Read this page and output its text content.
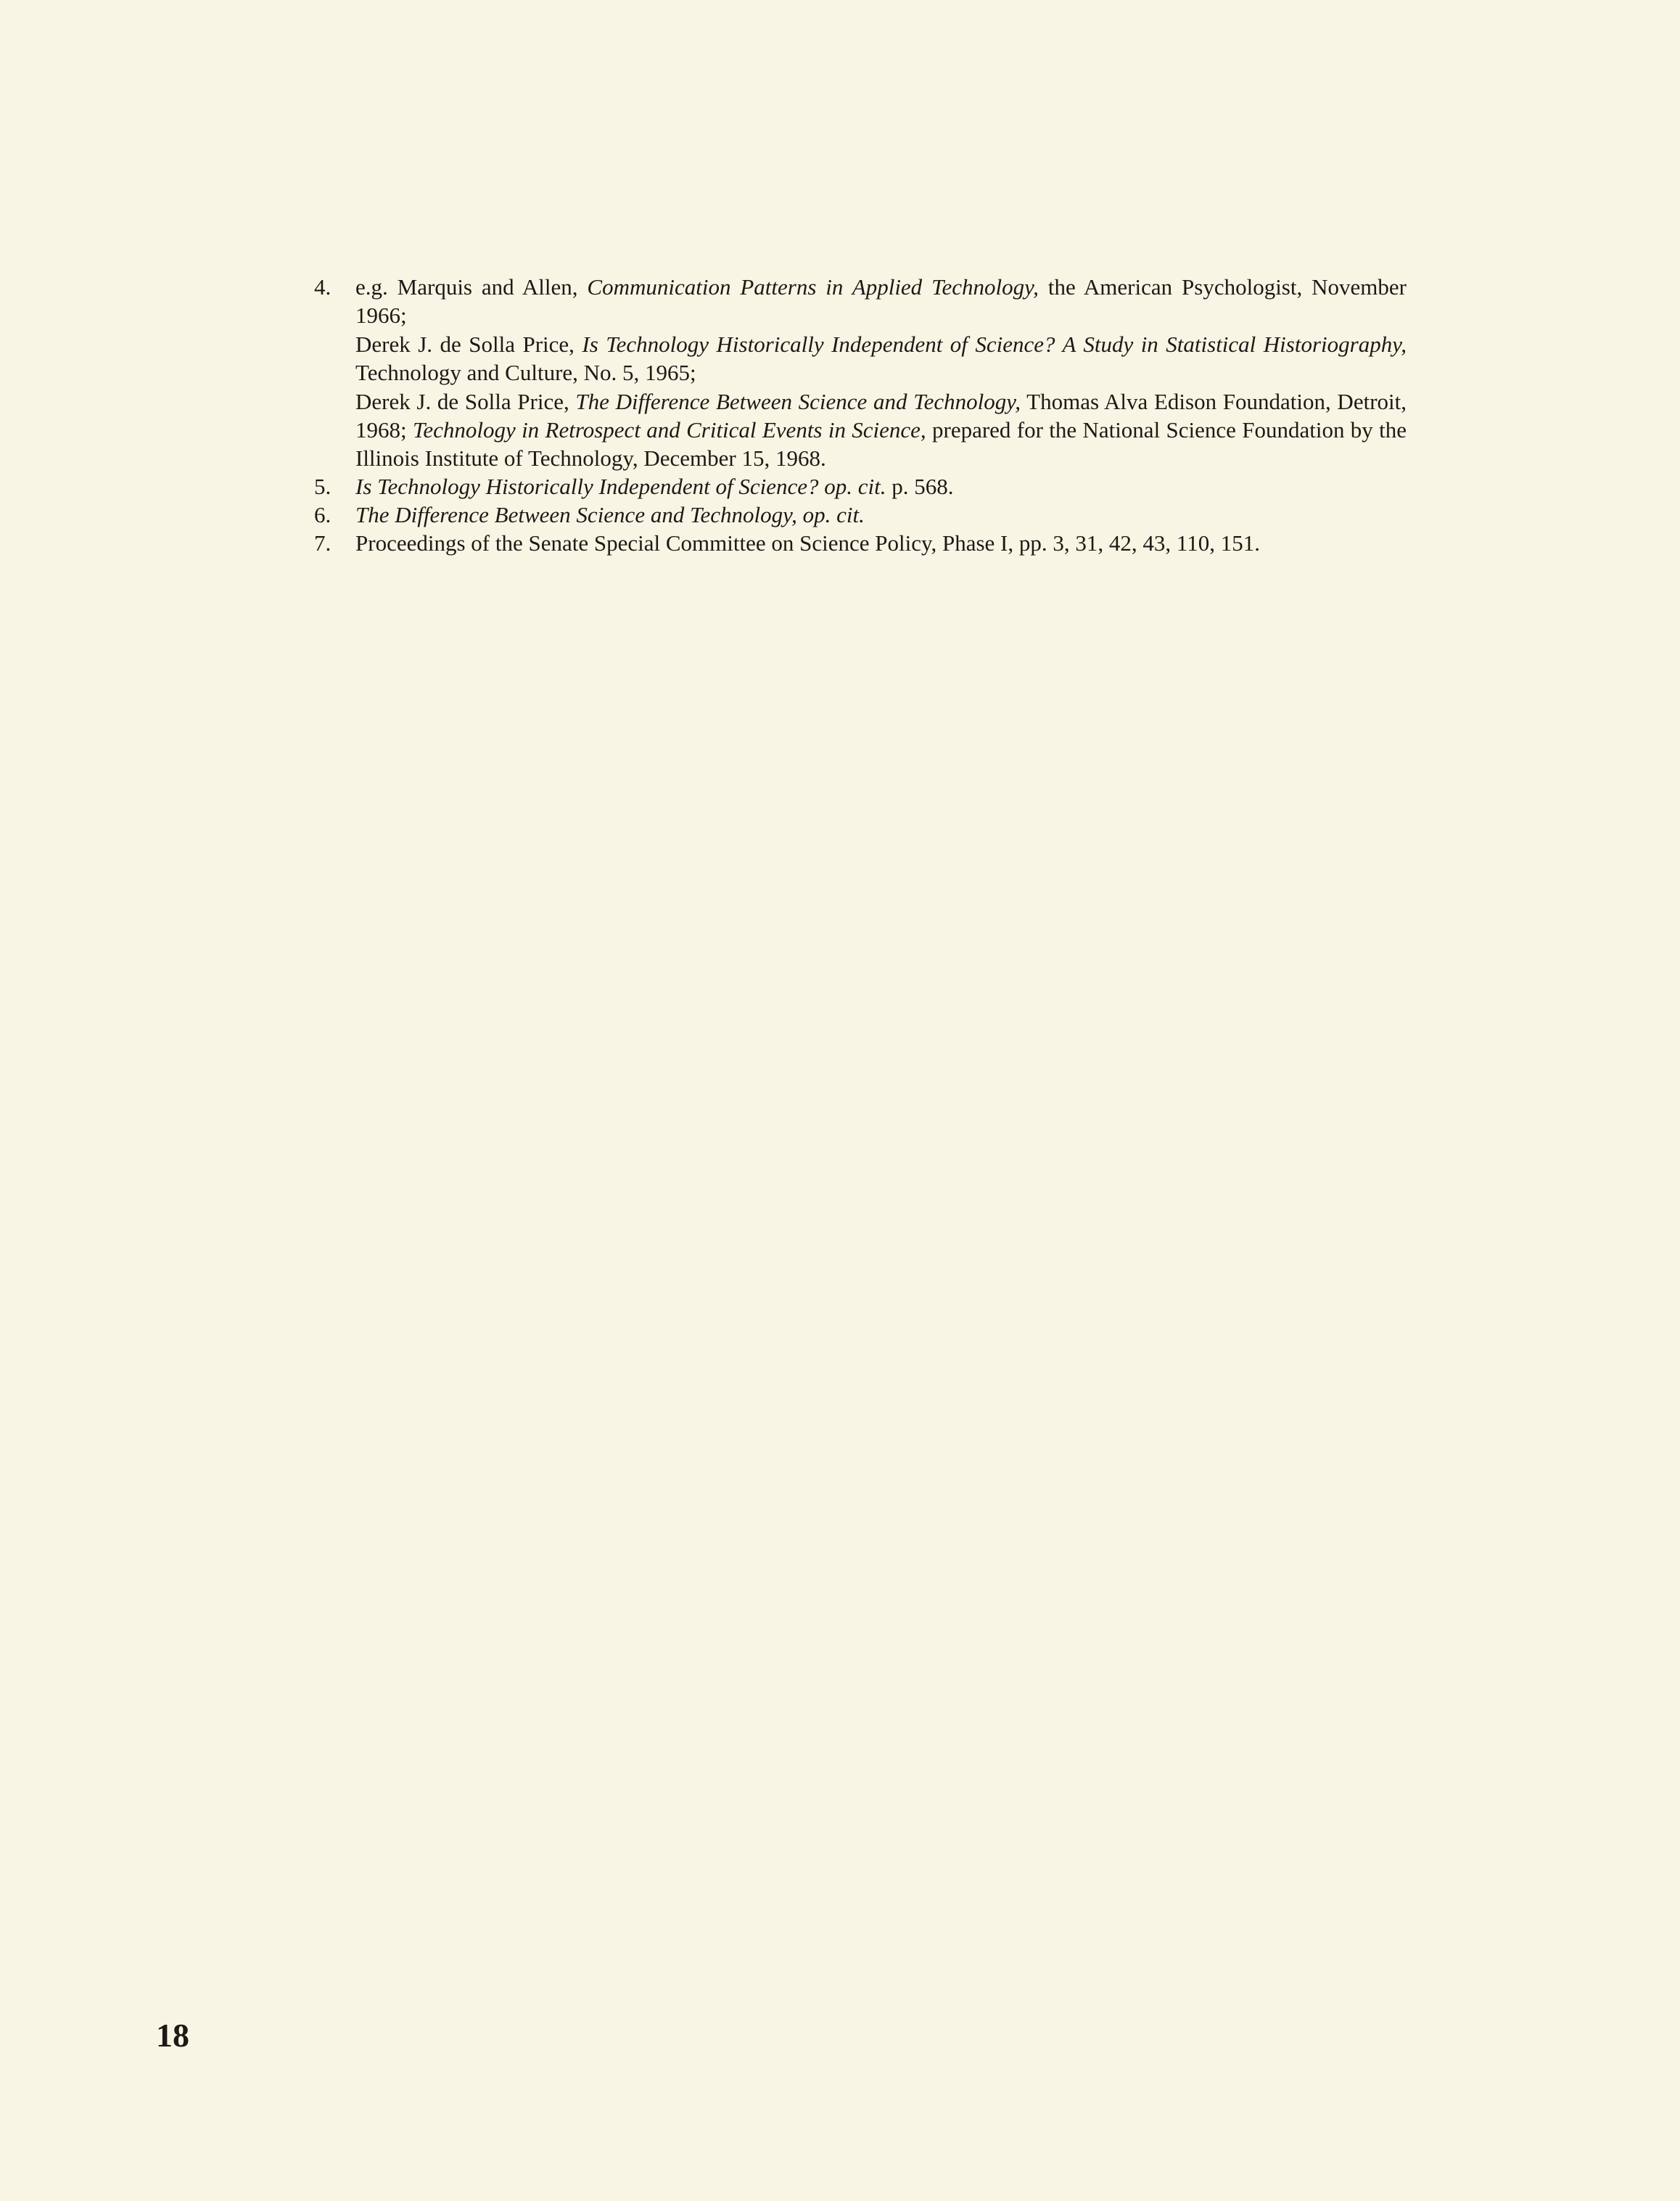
4.	e.g. Marquis and Allen, Communication Patterns in Applied Technology, the American Psychologist, November 1966;

Derek J. de Solla Price, Is Technology Historically Independent of Science? A Study in Statistical Historiography, Technology and Culture, No. 5, 1965;

Derek J. de Solla Price, The Difference Between Science and Technology, Thomas Alva Edison Foundation, Detroit, 1968; Technology in Retrospect and Critical Events in Science, prepared for the National Science Foundation by the Illinois Institute of Technology, December 15, 1968.

5.	Is Technology Historically Independent of Science? op. cit. p. 568.

6.	The Difference Between Science and Technology, op. cit.

7.	Proceedings of the Senate Special Committee on Science Policy, Phase I, pp. 3, 31, 42, 43, 110, 151.

18
